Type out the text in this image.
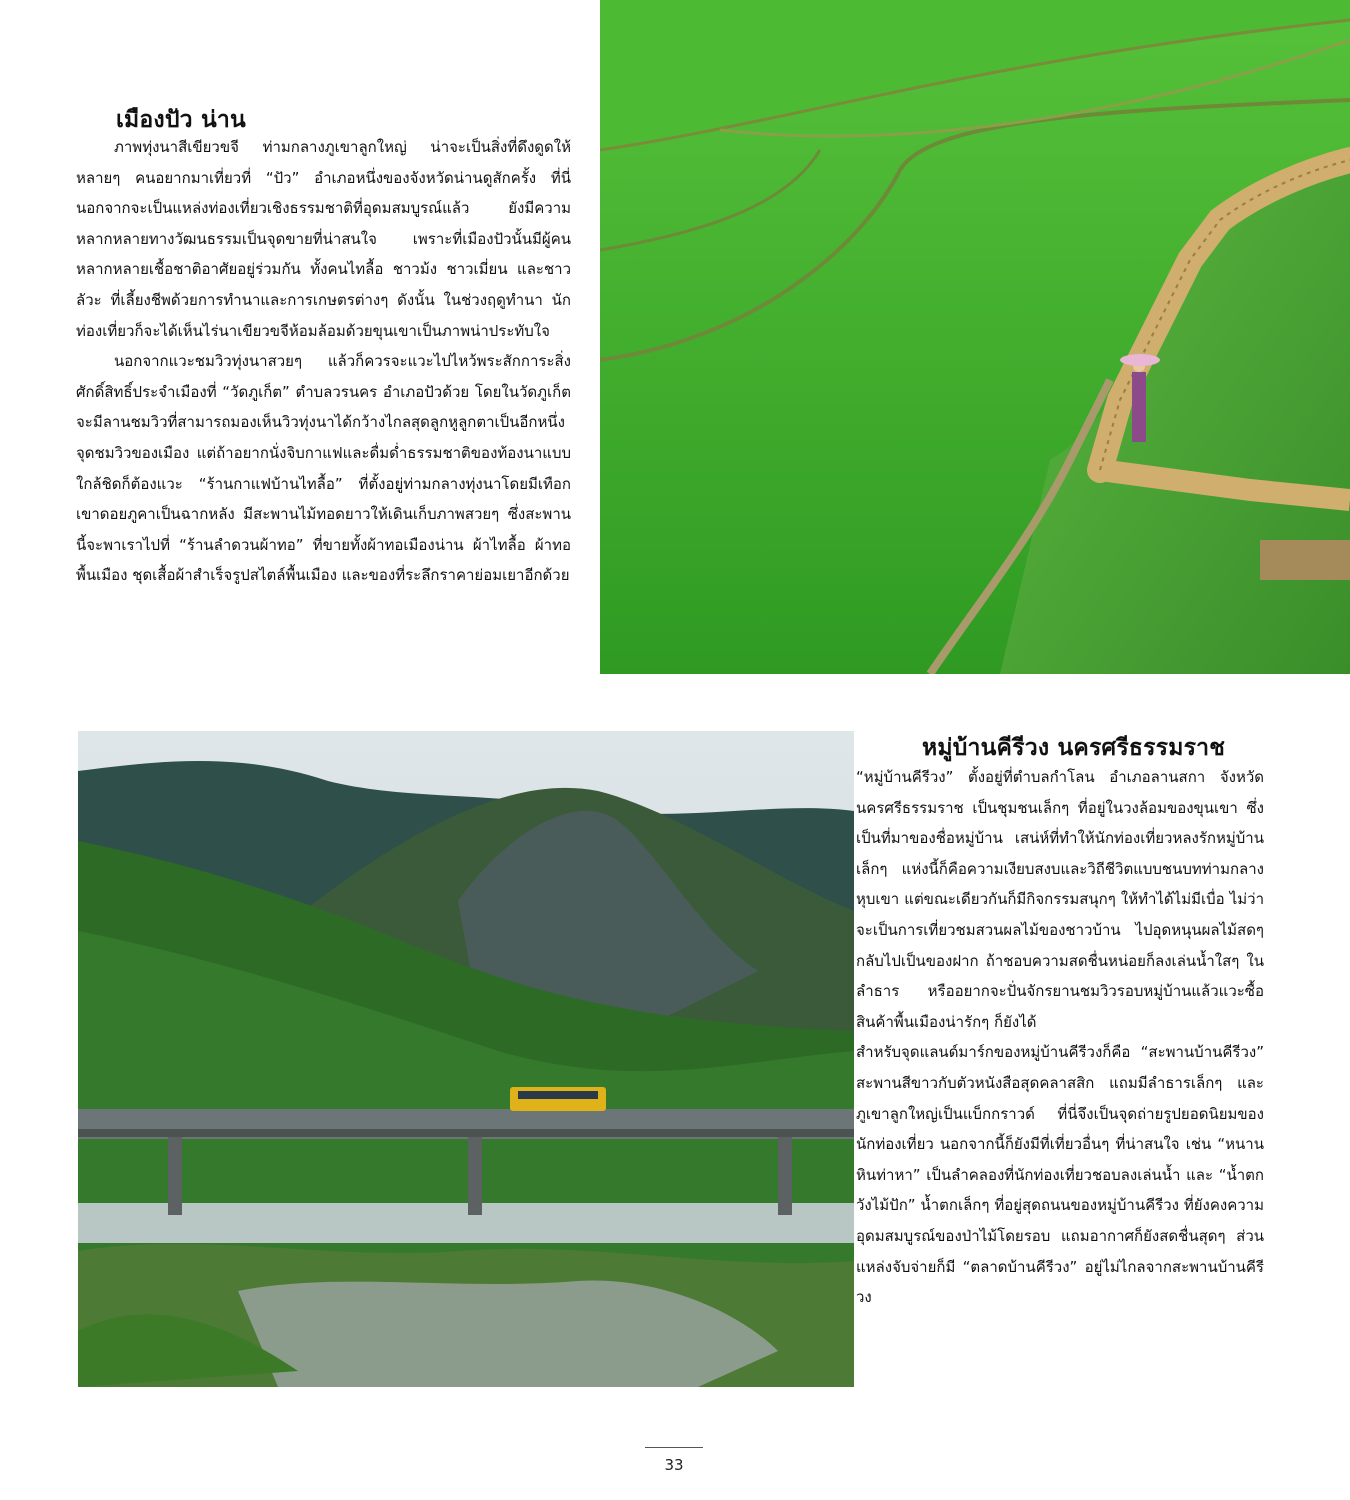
เมืองปัว น่าน

ภาพทุ่งนาสีเขียวขจี ท่ามกลางภูเขาลูกใหญ่ น่าจะเป็นสิ่งที่ดึงดูดให้หลายๆ คนอยากมาเที่ยวที่ “ปัว” อำเภอหนึ่งของจังหวัดน่านดูสักครั้ง ที่นี่นอกจากจะเป็นแหล่งท่องเที่ยวเชิงธรรมชาติที่อุดมสมบูรณ์แล้ว ยังมีความหลากหลายทางวัฒนธรรมเป็นจุดขายที่น่าสนใจ เพราะที่เมืองปัวนั้นมีผู้คนหลากหลายเชื้อชาติอาศัยอยู่ร่วมกัน ทั้งคนไทลื้อ ชาวม้ง ชาวเมี่ยน และชาวลัวะ ที่เลี้ยงชีพด้วยการทำนาและการเกษตรต่างๆ ดังนั้น ในช่วงฤดูทำนา นักท่องเที่ยวก็จะได้เห็นไร่นาเขียวขจีห้อมล้อมด้วยขุนเขาเป็นภาพน่าประทับใจ

นอกจากแวะชมวิวทุ่งนาสวยๆ แล้วก็ควรจะแวะไปไหว้พระสักการะสิ่งศักดิ์สิทธิ์ประจำเมืองที่ “วัดภูเก็ต” ตำบลวรนคร อำเภอปัวด้วย โดยในวัดภูเก็ตจะมีลานชมวิวที่สามารถมองเห็นวิวทุ่งนาได้กว้างไกลสุดลูกหูลูกตาเป็นอีกหนึ่งจุดชมวิวของเมือง แต่ถ้าอยากนั่งจิบกาแฟและดื่มด่ำธรรมชาติของท้องนาแบบใกล้ชิดก็ต้องแวะ “ร้านกาแฟบ้านไทลื้อ” ที่ตั้งอยู่ท่ามกลางทุ่งนาโดยมีเทือกเขาดอยภูคาเป็นฉากหลัง มีสะพานไม้ทอดยาวให้เดินเก็บภาพสวยๆ ซึ่งสะพานนี้จะพาเราไปที่ “ร้านลำดวนผ้าทอ” ที่ขายทั้งผ้าทอเมืองน่าน ผ้าไทลื้อ ผ้าทอพื้นเมือง ชุดเสื้อผ้าสำเร็จรูปสไตล์พื้นเมือง และของที่ระลึกราคาย่อมเยาอีกด้วย

หมู่บ้านคีรีวง นครศรีธรรมราช

“หมู่บ้านคีรีวง” ตั้งอยู่ที่ตำบลกำโลน อำเภอลานสกา จังหวัดนครศรีธรรมราช เป็นชุมชนเล็กๆ ที่อยู่ในวงล้อมของขุนเขา ซึ่งเป็นที่มาของชื่อหมู่บ้าน เสน่ห์ที่ทำให้นักท่องเที่ยวหลงรักหมู่บ้านเล็กๆ แห่งนี้ก็คือความเงียบสงบและวิถีชีวิตแบบชนบทท่ามกลางหุบเขา แต่ขณะเดียวกันก็มีกิจกรรมสนุกๆ ให้ทำได้ไม่มีเบื่อ ไม่ว่าจะเป็นการเที่ยวชมสวนผลไม้ของชาวบ้าน ไปอุดหนุนผลไม้สดๆ กลับไปเป็นของฝาก ถ้าชอบความสดชื่นหน่อยก็ลงเล่นน้ำใสๆ ในลำธาร หรืออยากจะปั่นจักรยานชมวิวรอบหมู่บ้านแล้วแวะซื้อสินค้าพื้นเมืองน่ารักๆ ก็ยังได้

สำหรับจุดแลนด์มาร์กของหมู่บ้านคีรีวงก็คือ “สะพานบ้านคีรีวง” สะพานสีขาวกับตัวหนังสือสุดคลาสสิก แถมมีลำธารเล็กๆ และภูเขาลูกใหญ่เป็นแบ็กกราวด์ ที่นี่จึงเป็นจุดถ่ายรูปยอดนิยมของนักท่องเที่ยว นอกจากนี้ก็ยังมีที่เที่ยวอื่นๆ ที่น่าสนใจ เช่น “หนานหินท่าหา” เป็นลำคลองที่นักท่องเที่ยวชอบลงเล่นน้ำ และ “น้ำตกวังไม้ปัก” น้ำตกเล็กๆ ที่อยู่สุดถนนของหมู่บ้านคีรีวง ที่ยังคงความอุดมสมบูรณ์ของป่าไม้โดยรอบ แถมอากาศก็ยังสดชื่นสุดๆ ส่วนแหล่งจับจ่ายก็มี “ตลาดบ้านคีรีวง” อยู่ไม่ไกลจากสะพานบ้านคีรีวง

33
